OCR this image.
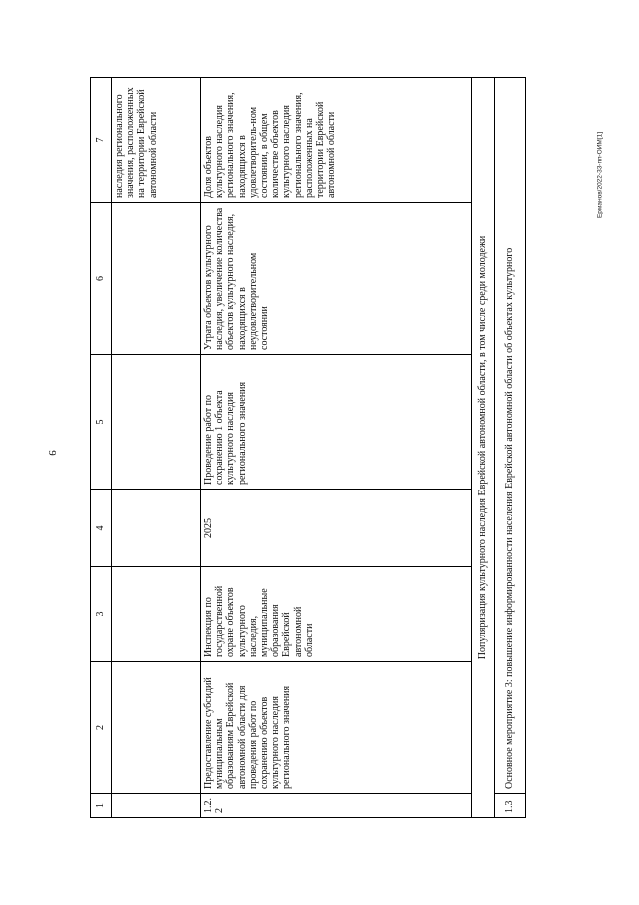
9
Ерманов/2022-33-пп-ОИМ[1]
1	2	3	4	5	6	7
						наследия регионального значения, расположенных на территории Еврейской автономной области
1.2.2	Предоставление субсидий муниципальным образованиям Еврейской автономной области для проведения работ по сохранению объектов культурного наследия регионального значения	Инспекция по государственной охране объектов культурного наследия, муниципальные образования Еврейской автономной области	2025	Проведение работ по сохранению 1 объекта культурного наследия регионального значения	Утрата объектов культурного наследия, увеличение количества объектов культурного наследия, находящихся в неудовлетворительном состоянии	Доля объектов культурного наследия регионального значения, находящихся в удовлетворитель-ном состоянии, в общем количестве объектов культурного наследия регионального значения, расположенных на территории Еврейской автономной области
Популяризация культурного наследия Еврейской автономной области, в том числе среди молодежи						
1.3	Основное мероприятие 3: повышение информированности населения Еврейской автономной области об объектах культурного					
